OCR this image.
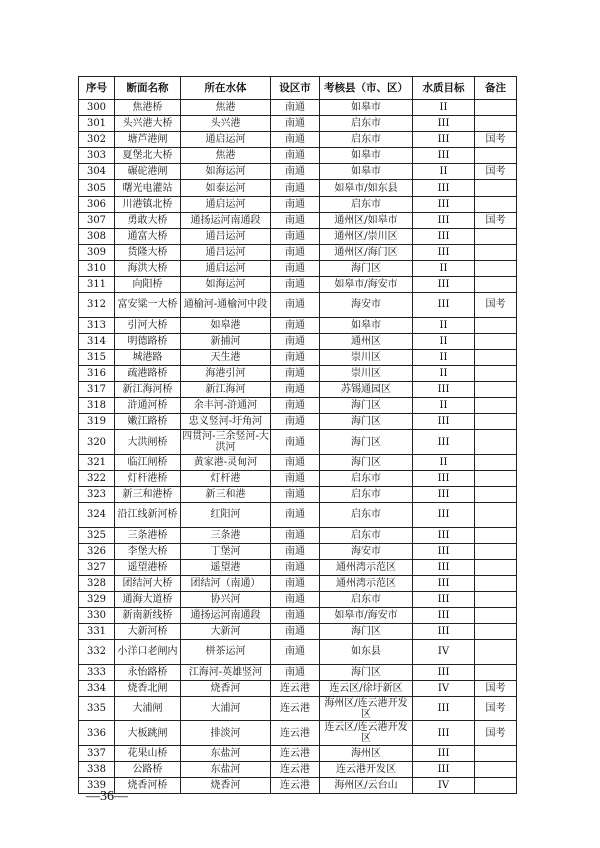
序号	断面名称	所在水体	设区市	考核县（市、区）	水质目标	备注
300	焦港桥	焦港	南通	如皋市	II	
301	头兴港大桥	头兴港	南通	启东市	III	
302	塘芦港闸	通启运河	南通	启东市	III	国考
303	夏堡北大桥	焦港	南通	如皋市	III	
304	碾砣港闸	如海运河	南通	如皋市	II	国考
305	曙光电灌站	如泰运河	南通	如皋市/如东县	III	
306	川港镇北桥	通启运河	南通	启东市	III	
307	勇敢大桥	通扬运河南通段	南通	通州区/如皋市	III	国考
308	通富大桥	通吕运河	南通	通州区/崇川区	III	
309	货隆大桥	通吕运河	南通	通州区/海门区	III	
310	海洪大桥	通启运河	南通	海门区	II	
311	向阳桥	如海运河	南通	如皋市/海安市	III	
312	富安粱一大桥	通榆河-通榆河中段	南通	海安市	III	国考
313	引河大桥	如皋港	南通	如皋市	II	
314	明德路桥	新捕河	南通	通州区	II	
315	城港路	天生港	南通	崇川区	II	
316	疏港路桥	海港引河	南通	崇川区	II	
317	新江海河桥	新江海河	南通	苏锡通园区	III	
318	浒通河桥	余丰河-浒通河	南通	海门区	II	
319	嫩江路桥	忠义竖河-圩角河	南通	海门区	III	
320	大洪闸桥	四贯河-三余竖河-大洪河	南通	海门区	III	
321	临江闸桥	黄家港-灵甸河	南通	海门区	II	
322	灯杆港桥	灯杆港	南通	启东市	III	
323	新三和港桥	新三和港	南通	启东市	III	
324	沿江线新河桥	红阳河	南通	启东市	III	
325	三条港桥	三条港	南通	启东市	III	
326	李堡大桥	丁堡河	南通	海安市	III	
327	遥望港桥	遥望港	南通	通州湾示范区	III	
328	团结河大桥	团结河（南通）	南通	通州湾示范区	III	
329	通海大道桥	协兴河	南通	启东市	III	
330	新南新线桥	通扬运河南通段	南通	如皋市/海安市	III	
331	大新河桥	大新河	南通	海门区	III	
332	小洋口老闸内	栟茶运河	南通	如东县	IV	
333	永怡路桥	江海河-英雄竖河	南通	海门区	III	
334	烧香北闸	烧香河	连云港	连云区/徐圩新区	IV	国考
335	大浦闸	大浦河	连云港	海州区/连云港开发区	III	国考
336	大板跳闸	排淡河	连云港	连云区/连云港开发区	III	国考
337	花果山桥	东盐河	连云港	海州区	III	
338	公路桥	东盐河	连云港	连云港开发区	III	
339	烧香河桥	烧香河	连云港	海州区/云台山	IV	
—36—
